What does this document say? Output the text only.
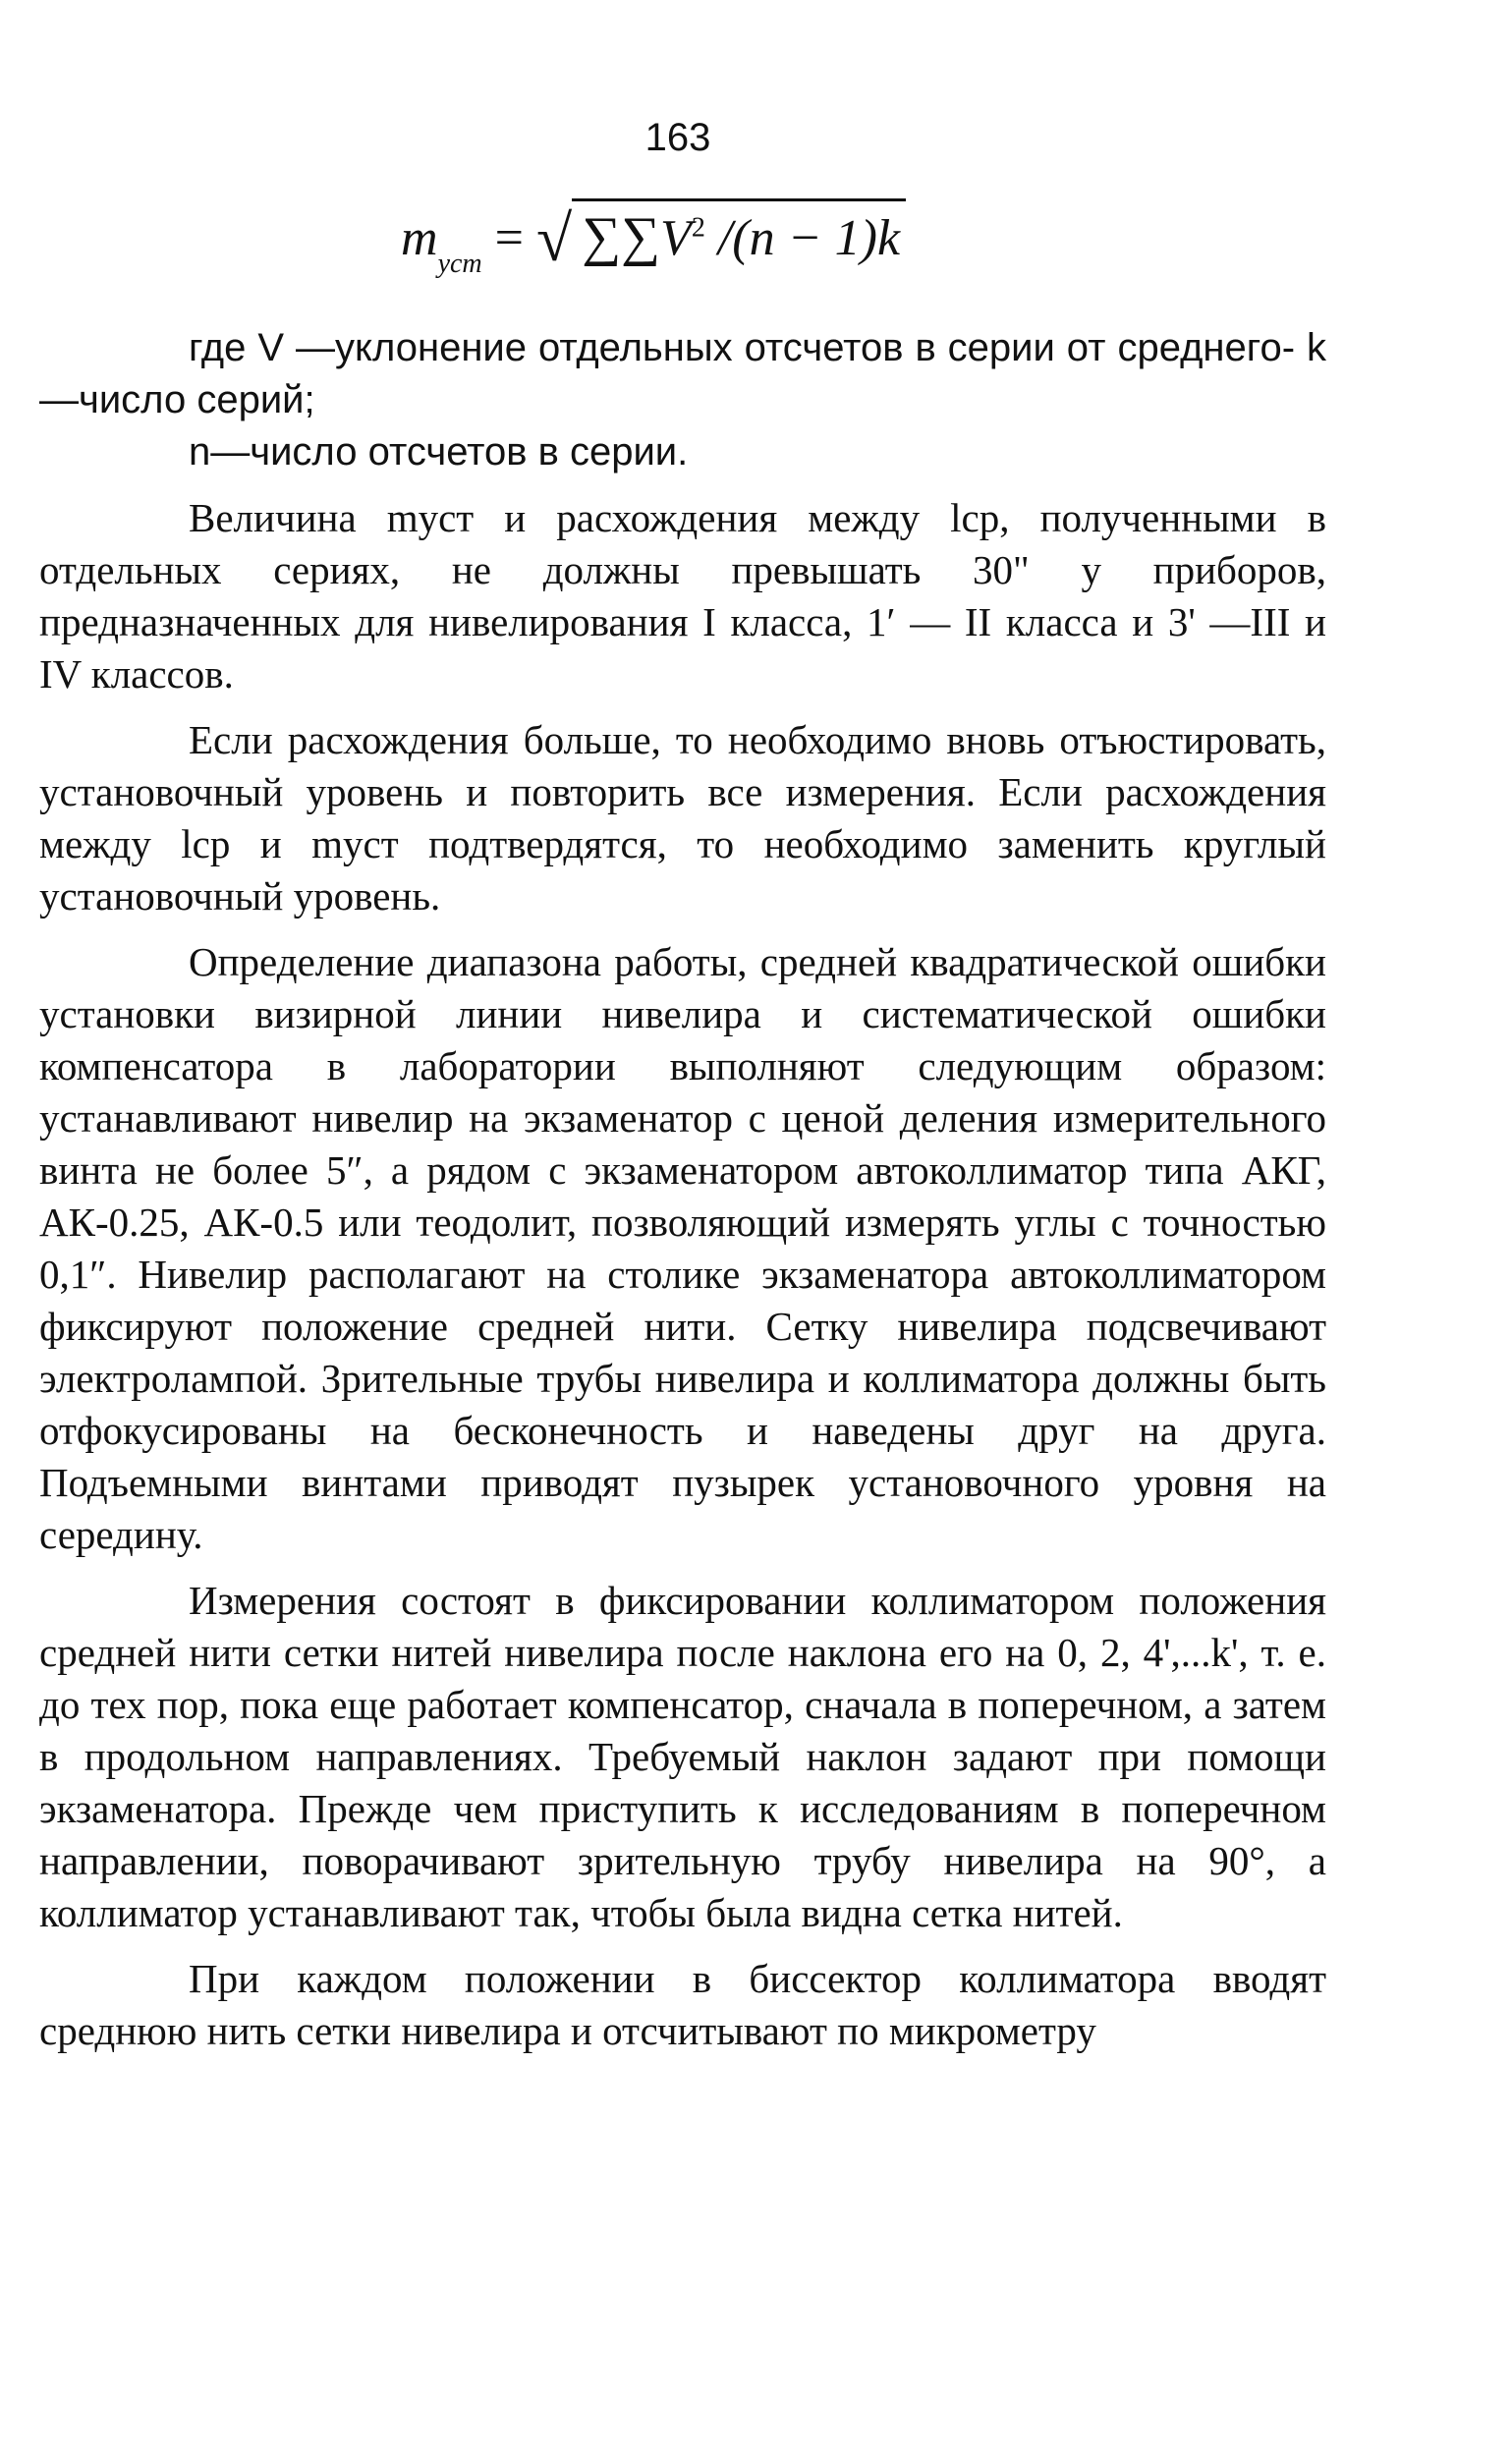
163
$m_{уст}$ = √ $\sum\sum V^2$ /(n − 1)k

где V —уклонение отдельных отсчетов в серии от среднего- k—число серий;

n—число отсчетов в серии.

Величина mуст и расхождения между lср, полученными в отдельных сериях, не должны превышать 30" у приборов, предназначенных для нивелирования I класса, 1′ — II класса и 3' —III и IV классов.

Если расхождения больше, то необходимо вновь отъюстировать, установочный уровень и повторить все измерения. Если расхождения между lср и mуст подтвердятся, то необходимо заменить круглый установочный уровень.

Определение диапазона работы, средней квадратической ошибки установки визирной линии нивелира и систематической ошибки компенсатора в лаборатории выполняют следующим образом: устанавливают нивелир на экзаменатор с ценой деления измерительного винта не более 5″, а рядом с экзаменатором автоколлиматор типа АКГ, АК-0.25, АК-0.5 или теодолит, позволяющий измерять углы с точностью 0,1″. Нивелир располагают на столике экзаменатора автоколлиматором фиксируют положение средней нити. Сетку нивелира подсвечивают электролампой. Зрительные трубы нивелира и коллиматора должны быть отфокусированы на бесконечность и наведены друг на друга. Подъемными винтами приводят пузырек установочного уровня на середину.

Измерения состоят в фиксировании коллиматором положения средней нити сетки нитей нивелира после наклона его на 0, 2, 4',...k', т. е. до тех пор, пока еще работает компенсатор, сначала в поперечном, а затем в продольном направлениях. Требуемый наклон задают при помощи экзаменатора. Прежде чем приступить к исследованиям в поперечном направлении, поворачивают зрительную трубу нивелира на 90°, а коллиматор устанавливают так, чтобы была видна сетка нитей.

При каждом положении в биссектор коллиматора вводят среднюю нить сетки нивелира и отсчитывают по микрометру
